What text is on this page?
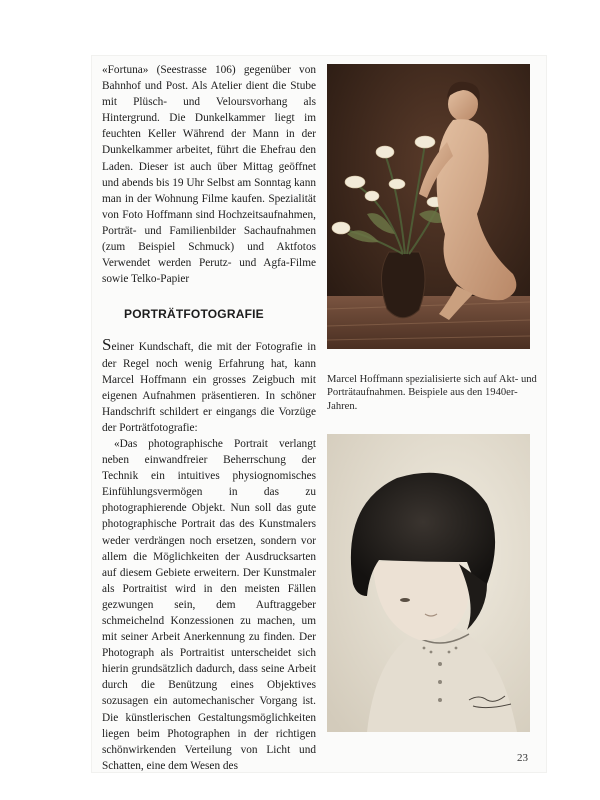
«Fortuna» (Seestrasse 106) gegenüber von Bahnhof und Post. Als Atelier dient die Stube mit Plüsch- und Veloursvorhang als Hintergrund. Die Dunkelkammer liegt im feuchten Keller Während der Mann in der Dunkelkammer arbeitet, führt die Ehefrau den Laden. Dieser ist auch über Mittag geöffnet und abends bis 19 Uhr Selbst am Sonntag kann man in der Wohnung Filme kaufen. Spezialität von Foto Hoffmann sind Hochzeitsaufnahmen, Porträt- und Familienbilder Sachaufnahmen (zum Beispiel Schmuck) und Aktfotos Verwendet werden Perutz- und Agfa-Filme sowie Telko-Papier

PORTRÄTFOTOGRAFIE

Seiner Kundschaft, die mit der Fotografie in der Regel noch wenig Erfahrung hat, kann Marcel Hoffmann ein grosses Zeigbuch mit eigenen Aufnahmen präsentieren. In schöner Handschrift schildert er eingangs die Vorzüge der Porträtfotografie:

«Das photographische Portrait verlangt neben einwandfreier Beherrschung der Technik ein intuitives physiognomisches Einfühlungsvermögen in das zu photographierende Objekt. Nun soll das gute photographische Portrait das des Kunstmalers weder verdrängen noch ersetzen, sondern vor allem die Möglichkeiten der Ausdrucksarten auf diesem Gebiete erweitern. Der Kunstmaler als Portraitist wird in den meisten Fällen gezwungen sein, dem Auftraggeber schmeichelnd Konzessionen zu machen, um mit seiner Arbeit Anerkennung zu finden. Der Photograph als Portraitist unterscheidet sich hierin grundsätzlich dadurch, dass seine Arbeit durch die Benützung eines Objektives sozusagen ein automechanischer Vorgang ist. Die künstlerischen Gestaltungsmöglichkeiten liegen beim Photographen in der richtigen schönwirkenden Verteilung von Licht und Schatten, eine dem Wesen des

Marcel Hoffmann spezialisierte sich auf Akt- und Porträtaufnahmen. Beispiele aus den 1940er-Jahren.
23
